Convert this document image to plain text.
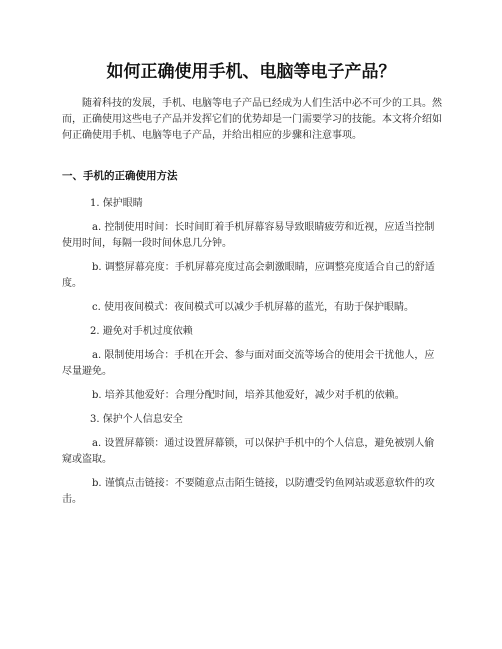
如何正确使用手机、电脑等电子产品？
随着科技的发展，手机、电脑等电子产品已经成为人们生活中必不可少的工具。然而，正确使用这些电子产品并发挥它们的优势却是一门需要学习的技能。本文将介绍如何正确使用手机、电脑等电子产品，并给出相应的步骤和注意事项。
一、手机的正确使用方法
1. 保护眼睛
a. 控制使用时间：长时间盯着手机屏幕容易导致眼睛疲劳和近视，应适当控制使用时间，每隔一段时间休息几分钟。
b. 调整屏幕亮度：手机屏幕亮度过高会刺激眼睛，应调整亮度适合自己的舒适度。
c. 使用夜间模式：夜间模式可以减少手机屏幕的蓝光，有助于保护眼睛。
2. 避免对手机过度依赖
a. 限制使用场合：手机在开会、参与面对面交流等场合的使用会干扰他人，应尽量避免。
b. 培养其他爱好：合理分配时间，培养其他爱好，减少对手机的依赖。
3. 保护个人信息安全
a. 设置屏幕锁：通过设置屏幕锁，可以保护手机中的个人信息，避免被别人偷窥或盗取。
b. 谨慎点击链接：不要随意点击陌生链接，以防遭受钓鱼网站或恶意软件的攻击。
